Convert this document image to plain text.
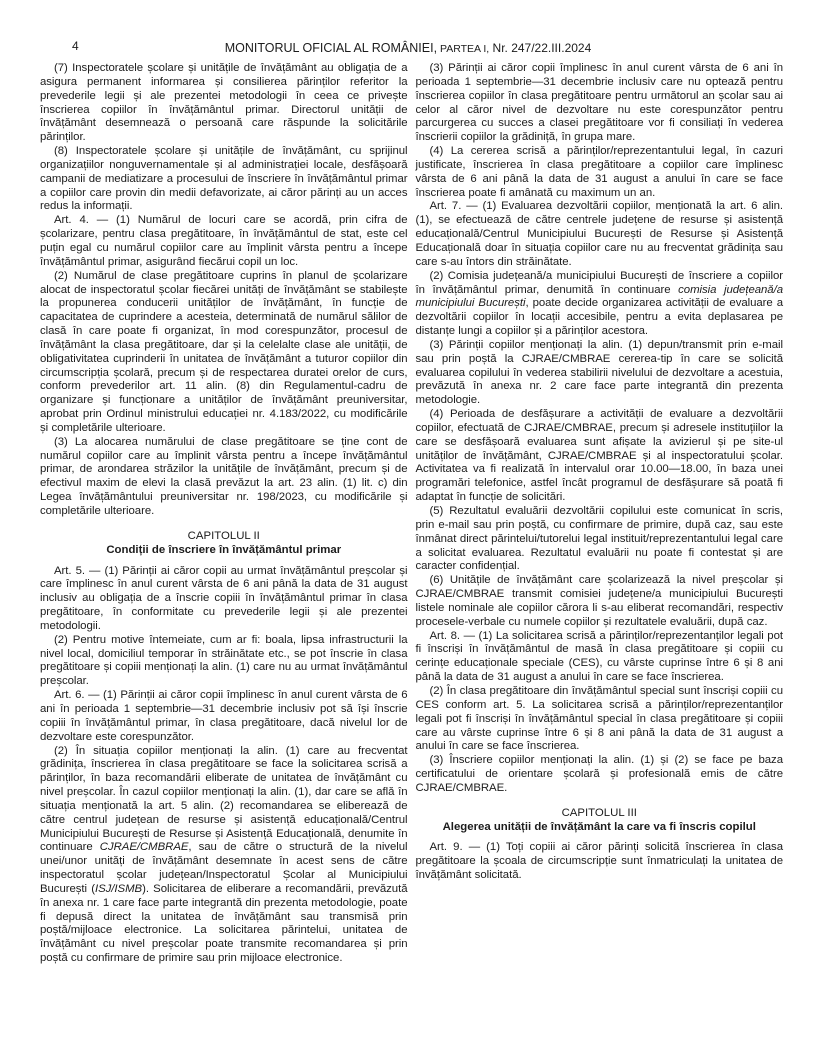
4	MONITORUL OFICIAL AL ROMÂNIEI, PARTEA I, Nr. 247/22.III.2024

(7) Inspectoratele școlare și unitățile de învățământ au obligația de a asigura permanent informarea și consilierea părinților referitor la prevederile legii și ale prezentei metodologii în ceea ce privește înscrierea copiilor în învățământul primar. Directorul unității de învățământ desemnează o persoană care răspunde la solicitările părinților.

(8) Inspectoratele școlare și unitățile de învățământ, cu sprijinul organizațiilor nonguvernamentale și al administrației locale, desfășoară campanii de mediatizare a procesului de înscriere în învățământul primar a copiilor care provin din medii defavorizate, ai căror părinți au un acces redus la informații.

Art. 4. — (1) Numărul de locuri care se acordă, prin cifra de școlarizare, pentru clasa pregătitoare, în învățământul de stat, este cel puțin egal cu numărul copiilor care au împlinit vârsta pentru a începe învățământul primar, asigurând fiecărui copil un loc.

(2) Numărul de clase pregătitoare cuprins în planul de școlarizare alocat de inspectoratul școlar fiecărei unități de învățământ se stabilește la propunerea conducerii unităților de învățământ, în funcție de capacitatea de cuprindere a acesteia, determinată de numărul sălilor de clasă în care poate fi organizat, în mod corespunzător, procesul de învățământ la clasa pregătitoare, dar și la celelalte clase ale unității, de obligativitatea cuprinderii în unitatea de învățământ a tuturor copiilor din circumscripția școlară, precum și de respectarea duratei orelor de curs, conform prevederilor art. 11 alin. (8) din Regulamentul-cadru de organizare și funcționare a unităților de învățământ preuniversitar, aprobat prin Ordinul ministrului educației nr. 4.183/2022, cu modificările și completările ulterioare.

(3) La alocarea numărului de clase pregătitoare se ține cont de numărul copiilor care au împlinit vârsta pentru a începe învățământul primar, de arondarea străzilor la unitățile de învățământ, precum și de efectivul maxim de elevi la clasă prevăzut la art. 23 alin. (1) lit. c) din Legea învățământului preuniversitar nr. 198/2023, cu modificările și completările ulterioare.

CAPITOLUL II

Condiții de înscriere în învățământul primar

Art. 5. — (1) Părinții ai căror copii au urmat învățământul preșcolar și care împlinesc în anul curent vârsta de 6 ani până la data de 31 august inclusiv au obligația de a înscrie copiii în învățământul primar în clasa pregătitoare, în conformitate cu prevederile legii și ale prezentei metodologii.

(2) Pentru motive întemeiate, cum ar fi: boala, lipsa infrastructurii la nivel local, domiciliul temporar în străinătate etc., se pot înscrie în clasa pregătitoare și copiii menționați la alin. (1) care nu au urmat învățământul preșcolar.

Art. 6. — (1) Părinții ai căror copii împlinesc în anul curent vârsta de 6 ani în perioada 1 septembrie—31 decembrie inclusiv pot să își înscrie copiii în învățământul primar, în clasa pregătitoare, dacă nivelul lor de dezvoltare este corespunzător.

(2) În situația copiilor menționați la alin. (1) care au frecventat grădinița, înscrierea în clasa pregătitoare se face la solicitarea scrisă a părinților, în baza recomandării eliberate de unitatea de învățământ cu nivel preșcolar. În cazul copiilor menționați la alin. (1), dar care se află în situația menționată la art. 5 alin. (2) recomandarea se eliberează de către centrul județean de resurse și asistență educațională/Centrul Municipiului București de Resurse și Asistență Educațională, denumite în continuare CJRAE/CMBRAE, sau de către o structură de la nivelul unei/unor unități de învățământ desemnate în acest sens de către inspectoratul școlar județean/Inspectoratul Școlar al Municipiului București (ISJ/ISMB). Solicitarea de eliberare a recomandării, prevăzută în anexa nr. 1 care face parte integrantă din prezenta metodologie, poate fi depusă direct la unitatea de învățământ sau transmisă prin poștă/mijloace electronice. La solicitarea părintelui, unitatea de învățământ cu nivel preșcolar poate transmite recomandarea și prin poștă cu confirmare de primire sau prin mijloace electronice.

(3) Părinții ai căror copii împlinesc în anul curent vârsta de 6 ani în perioada 1 septembrie—31 decembrie inclusiv care nu optează pentru înscrierea copiilor în clasa pregătitoare pentru următorul an școlar sau ai celor al căror nivel de dezvoltare nu este corespunzător pentru parcurgerea cu succes a clasei pregătitoare vor fi consiliați în vederea înscrierii copiilor la grădiniță, în grupa mare.

(4) La cererea scrisă a părinților/reprezentantului legal, în cazuri justificate, înscrierea în clasa pregătitoare a copiilor care împlinesc vârsta de 6 ani până la data de 31 august a anului în care se face înscrierea poate fi amânată cu maximum un an.

Art. 7. — (1) Evaluarea dezvoltării copiilor, menționată la art. 6 alin. (1), se efectuează de către centrele județene de resurse și asistență educațională/Centrul Municipiului București de Resurse și Asistență Educațională doar în situația copiilor care nu au frecventat grădinița sau care s-au întors din străinătate.

(2) Comisia județeană/a municipiului București de înscriere a copiilor în învățământul primar, denumită în continuare comisia județeană/a municipiului București, poate decide organizarea activității de evaluare a dezvoltării copiilor în locații accesibile, pentru a evita deplasarea pe distanțe lungi a copiilor și a părinților acestora.

(3) Părinții copiilor menționați la alin. (1) depun/transmit prin e-mail sau prin poștă la CJRAE/CMBRAE cererea-tip în care se solicită evaluarea copilului în vederea stabilirii nivelului de dezvoltare a acestuia, prevăzută în anexa nr. 2 care face parte integrantă din prezenta metodologie.

(4) Perioada de desfășurare a activității de evaluare a dezvoltării copiilor, efectuată de CJRAE/CMBRAE, precum și adresele instituțiilor la care se desfășoară evaluarea sunt afișate la avizierul și pe site-ul unităților de învățământ, CJRAE/CMBRAE și al inspectoratului școlar. Activitatea va fi realizată în intervalul orar 10.00—18.00, în baza unei programări telefonice, astfel încât programul de desfășurare să poată fi adaptat în funcție de solicitări.

(5) Rezultatul evaluării dezvoltării copilului este comunicat în scris, prin e-mail sau prin poștă, cu confirmare de primire, după caz, sau este înmânat direct părintelui/tutorelui legal instituit/reprezentantului legal care a solicitat evaluarea. Rezultatul evaluării nu poate fi contestat și are caracter confidențial.

(6) Unitățile de învățământ care școlarizează la nivel preșcolar și CJRAE/CMBRAE transmit comisiei județene/a municipiului București listele nominale ale copiilor cărora li s-au eliberat recomandări, respectiv procesele-verbale cu numele copiilor și rezultatele evaluării, după caz.

Art. 8. — (1) La solicitarea scrisă a părinților/reprezentanților legali pot fi înscriși în învățământul de masă în clasa pregătitoare și copiii cu cerințe educaționale speciale (CES), cu vârste cuprinse între 6 și 8 ani până la data de 31 august a anului în care se face înscrierea.

(2) În clasa pregătitoare din învățământul special sunt înscriși copiii cu CES conform art. 5. La solicitarea scrisă a părinților/reprezentanților legali pot fi înscriși în învățământul special în clasa pregătitoare și copiii care au vârste cuprinse între 6 și 8 ani până la data de 31 august a anului în care se face înscrierea.

(3) Înscriere copiilor menționați la alin. (1) și (2) se face pe baza certificatului de orientare școlară și profesională emis de către CJRAE/CMBRAE.

CAPITOLUL III

Alegerea unității de învățământ la care va fi înscris copilul

Art. 9. — (1) Toți copiii ai căror părinți solicită înscrierea în clasa pregătitoare la școala de circumscripție sunt înmatriculați la unitatea de învățământ solicitată.
